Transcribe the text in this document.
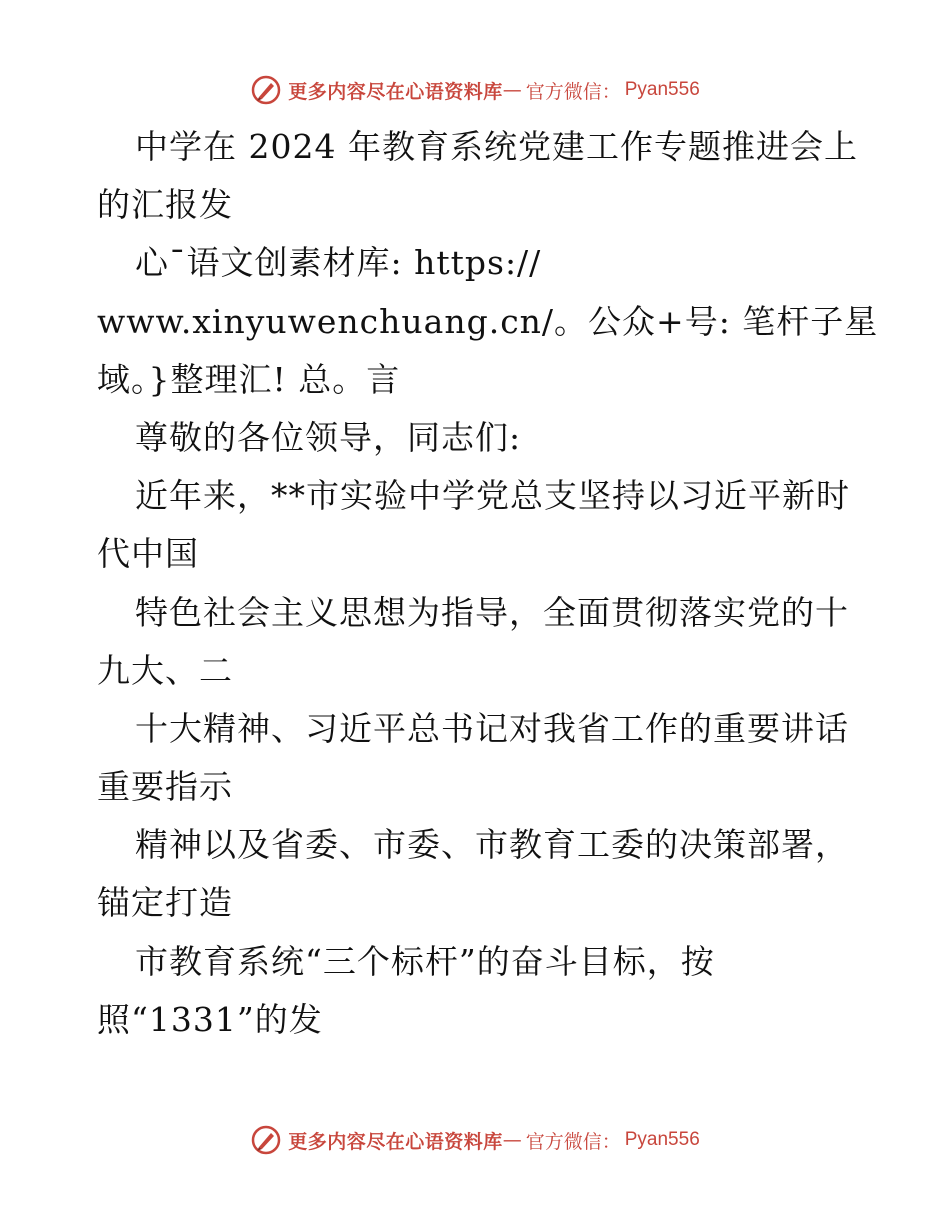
更多内容尽在心语资料库 — 官方微信： Pyan556
中学在 2024 年教育系统党建工作专题推进会上
的汇报发
心¯语文创素材库: https://
www.xinyuwenchuang.cn/。公众+号: 笔杆子星
域。}整理汇! 总。言
尊敬的各位领导，同志们:
近年来，**市实验中学党总支坚持以习近平新时
代中国
特色社会主义思想为指导，全面贯彻落实党的十
九大、二
十大精神、习近平总书记对我省工作的重要讲话
重要指示
精神以及省委、市委、市教育工委的决策部署，
锚定打造
市教育系统“三个标杆”的奋斗目标，按
照“1331”的发
更多内容尽在心语资料库 — 官方微信： Pyan556
